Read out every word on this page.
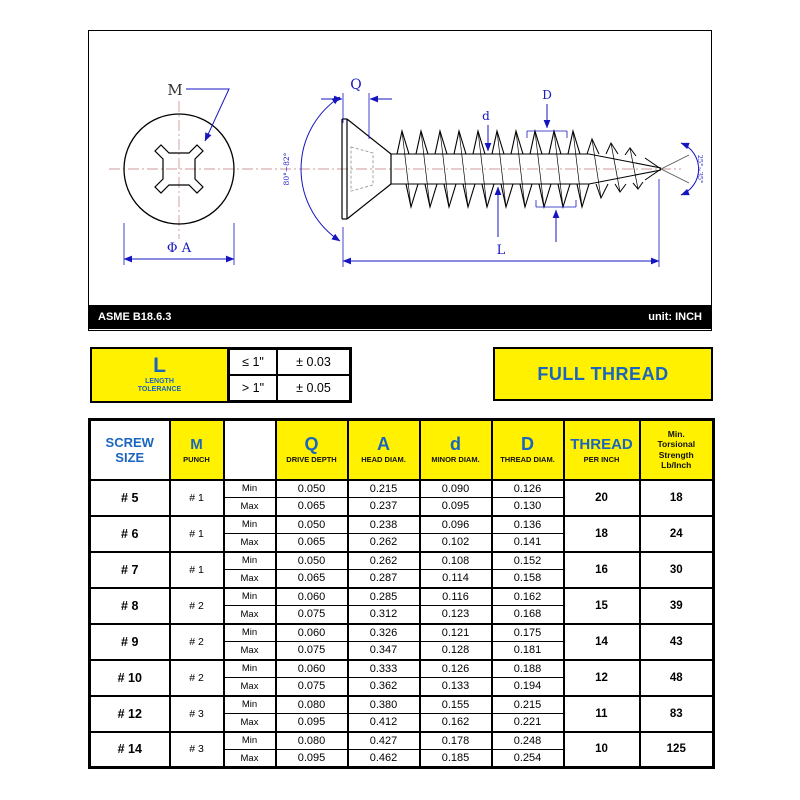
M
Φ A
Q
80°~82°
d
D
L
25°~35°
ASME B18.6.3	unit: INCH
L
LENGTH
TOLERANCE
≤ 1"	± 0.03
> 1"	± 0.05
FULL THREAD
SCREW SIZE

M
PUNCH

Q
DRIVE DEPTH

A
HEAD DIAM.

d
MINOR DIAM.

D
THREAD DIAM.

THREAD
PER INCH

Min.
Torsional
Strength
Lb/Inch

# 5	# 1	Min	0.050	0.215	0.090	0.126	20	18
		Max	0.065	0.237	0.095	0.130		
# 6	# 1	Min	0.050	0.238	0.096	0.136	18	24
		Max	0.065	0.262	0.102	0.141		
# 7	# 1	Min	0.050	0.262	0.108	0.152	16	30
		Max	0.065	0.287	0.114	0.158		
# 8	# 2	Min	0.060	0.285	0.116	0.162	15	39
		Max	0.075	0.312	0.123	0.168		
# 9	# 2	Min	0.060	0.326	0.121	0.175	14	43
		Max	0.075	0.347	0.128	0.181		
# 10	# 2	Min	0.060	0.333	0.126	0.188	12	48
		Max	0.075	0.362	0.133	0.194		
# 12	# 3	Min	0.080	0.380	0.155	0.215	11	83
		Max	0.095	0.412	0.162	0.221		
# 14	# 3	Min	0.080	0.427	0.178	0.248	10	125
		Max	0.095	0.462	0.185	0.254		
